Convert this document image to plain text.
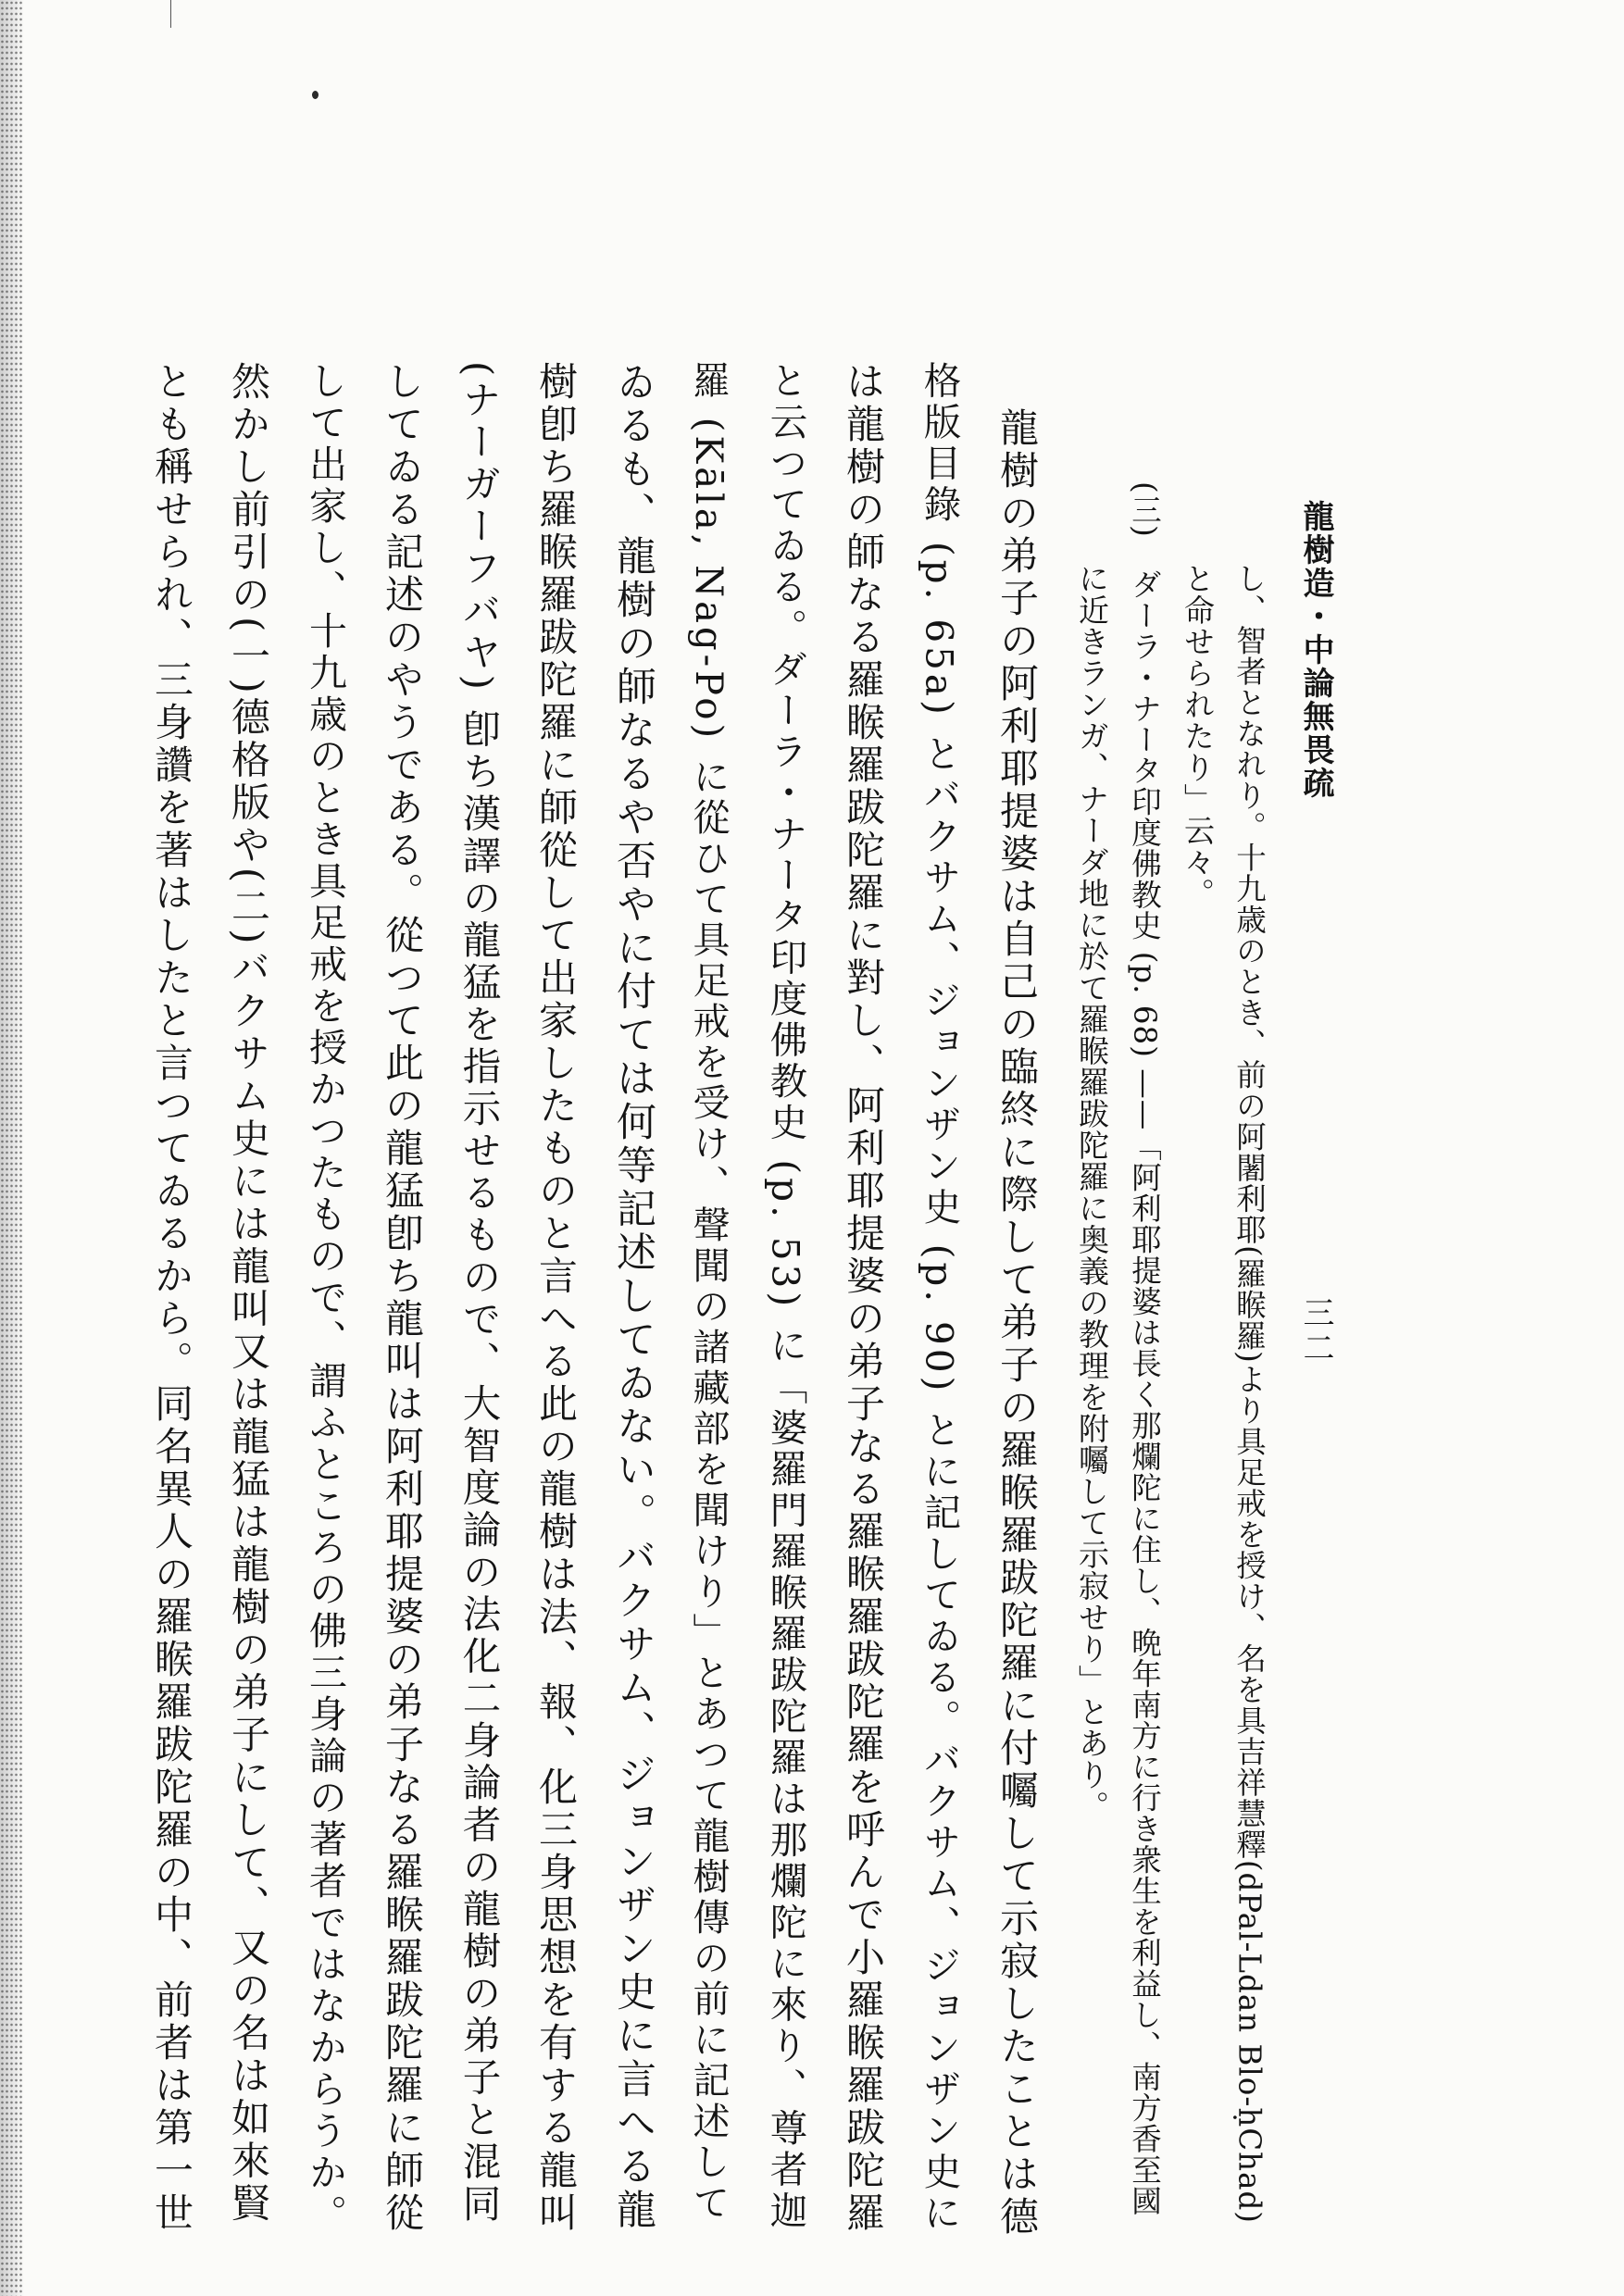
龍樹造・中論無畏疏

三二

し、智者となれり。十九歳のとき、前の阿闍利耶(羅睺羅)より具足戒を授け、名を具吉祥慧釋(dPal-Ldan Blo-ḥChad)

と命せられたり」云々。

(三)　ダーラ・ナータ印度佛教史 (p. 68) ——「阿利耶提婆は長く那爛陀に住し、晩年南方に行き衆生を利益し、南方香至國

に近きランガ、ナーダ地に於て羅睺羅跋陀羅に奥義の教理を附囑して示寂せり」とあり。

龍樹の弟子の阿利耶提婆は自己の臨終に際して弟子の羅睺羅跋陀羅に付囑して示寂したことは德

格版目錄 (p. 65a) とバクサム、ジョンザン史 (p. 90) とに記してゐる。バクサム、ジョンザン史に

は龍樹の師なる羅睺羅跋陀羅に對し、阿利耶提婆の弟子なる羅睺羅跋陀羅を呼んで小羅睺羅跋陀羅

と云つてゐる。ダーラ・ナータ印度佛教史 (p. 53) に「婆羅門羅睺羅跋陀羅は那爛陀に來り、尊者迦

羅 (Kāla, Nag-Po) に從ひて具足戒を受け、聲聞の諸藏部を聞けり」とあつて龍樹傳の前に記述して

ゐるも、龍樹の師なるや否やに付ては何等記述してゐない。バクサム、ジョンザン史に言へる龍

樹卽ち羅睺羅跋陀羅に師從して出家したものと言へる此の龍樹は法、報、化三身思想を有する龍叫

(ナーガーフバヤ) 卽ち漢譯の龍猛を指示せるもので、大智度論の法化二身論者の龍樹の弟子と混同

してゐる記述のやうである。從つて此の龍猛卽ち龍叫は阿利耶提婆の弟子なる羅睺羅跋陀羅に師從

して出家し、十九歳のとき具足戒を授かつたもので、謂ふところの佛三身論の著者ではなからうか。

然かし前引の(一)德格版や(二)バクサム史には龍叫又は龍猛は龍樹の弟子にして、又の名は如來賢

とも稱せられ、三身讚を著はしたと言つてゐるから。同名異人の羅睺羅跋陀羅の中、前者は第一世
